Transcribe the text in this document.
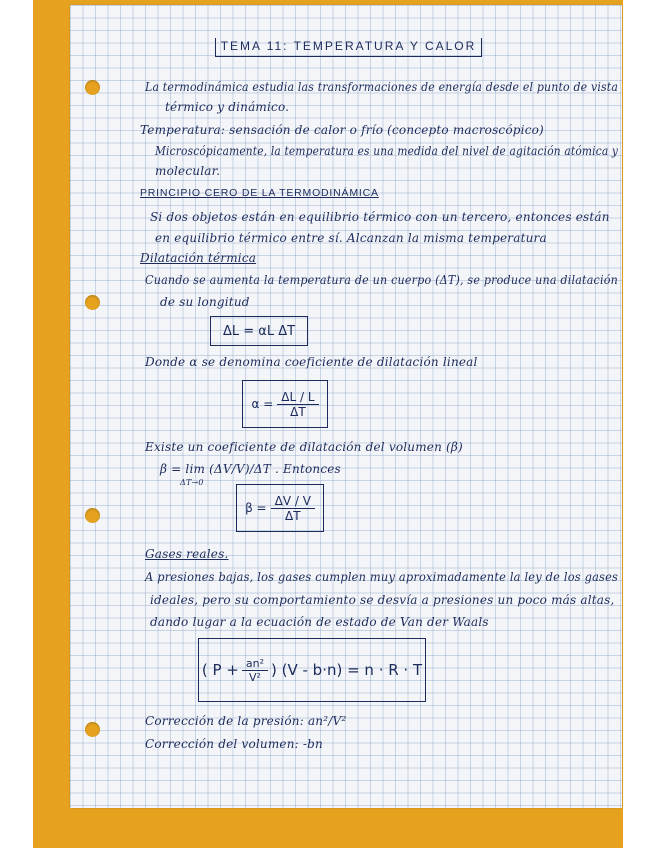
TEMA 11: TEMPERATURA Y CALOR
La termodinámica estudia las transformaciones de energía desde el punto de vista
térmico y dinámico.
Temperatura: sensación de calor o frío (concepto macroscópico)
Microscópicamente, la temperatura es una medida del nivel de agitación atómica y
molecular.
PRINCIPIO CERO DE LA TERMODINÁMICA
Si dos objetos están en equilibrio térmico con un tercero, entonces están
en equilibrio térmico entre sí. Alcanzan la misma temperatura
Dilatación térmica
Cuando se aumenta la temperatura de un cuerpo (ΔT), se produce una dilatación
de su longitud
ΔL = αL ΔT
Donde α se denomina coeficiente de dilatación lineal
$\alpha = \frac{\Delta L / L}{\Delta T}$
Existe un coeficiente de dilatación del volumen (β)
β = lim (ΔV/V)/ΔT . Entonces
ΔT→0
$\beta = \frac{\Delta V / V}{\Delta T}$
Gases reales.
A presiones bajas, los gases cumplen muy aproximadamente la ley de los gases
ideales, pero su comportamiento se desvía a presiones un poco más altas,
dando lugar a la ecuación de estado de Van der Waals
( $P + \frac{\text{an²}}{\text{V²}}$ ) (V - b·n) = n · R · T
Corrección de la presión: an²/V²
Corrección del volumen: -bn
